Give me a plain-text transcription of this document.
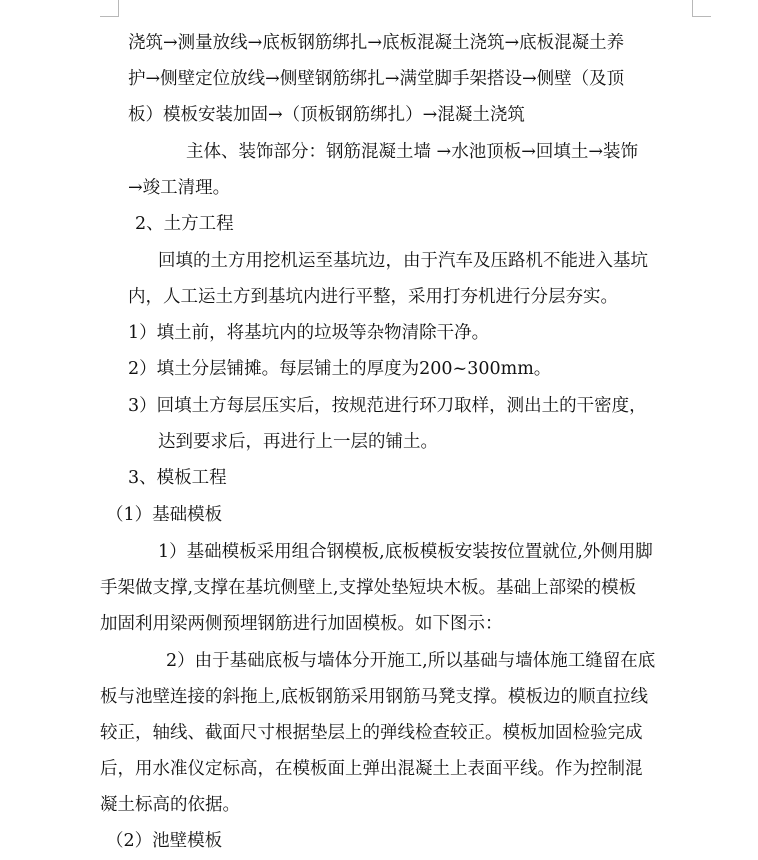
浇筑→测量放线→底板钢筋绑扎→底板混凝土浇筑→底板混凝土养
护→侧壁定位放线→侧壁钢筋绑扎→满堂脚手架搭设→侧壁（及顶
板）模板安装加固→（顶板钢筋绑扎）→混凝土浇筑
主体、装饰部分：钢筋混凝土墙 →水池顶板→回填土→装饰
→竣工清理。
2、土方工程
回填的土方用挖机运至基坑边，由于汽车及压路机不能进入基坑
内，人工运土方到基坑内进行平整，采用打夯机进行分层夯实。
1）填土前，将基坑内的垃圾等杂物清除干净。
2）填土分层铺摊。每层铺土的厚度为200~300mm。
3）回填土方每层压实后，按规范进行环刀取样，测出土的干密度，
达到要求后，再进行上一层的铺土。
3、模板工程
（1）基础模板
1）基础模板采用组合钢模板,底板模板安装按位置就位,外侧用脚
手架做支撑,支撑在基坑侧壁上,支撑处垫短块木板。基础上部梁的模板
加固利用梁两侧预埋钢筋进行加固模板。如下图示：
2）由于基础底板与墙体分开施工,所以基础与墙体施工缝留在底
板与池壁连接的斜拖上,底板钢筋采用钢筋马凳支撑。模板边的顺直拉线
较正，轴线、截面尺寸根据垫层上的弹线检查较正。模板加固检验完成
后，用水准仪定标高，在模板面上弹出混凝土上表面平线。作为控制混
凝土标高的依据。
（2）池壁模板
